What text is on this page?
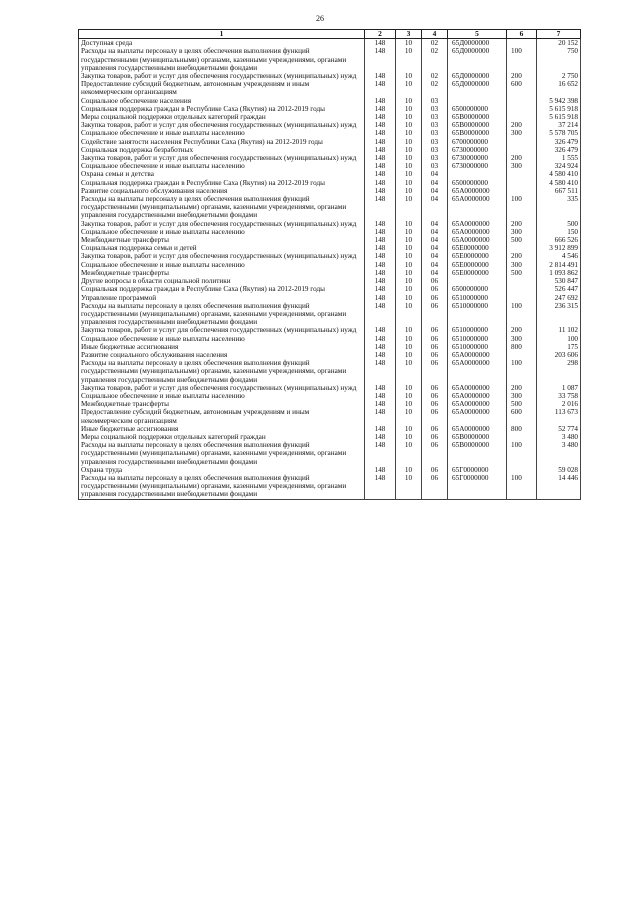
26
1	2	3	4	5	6	7
Доступная среда	148	10	02	65Д0000000		20 152
Расходы на выплаты персоналу в целях обеспечения выполнения функций государственными (муниципальными) органами, казенными учреждениями, органами управления государственными внебюджетными фондами	148	10	02	65Д0000000	100	750
Закупка товаров, работ и услуг для обеспечения государственных (муниципальных) нужд	148	10	02	65Д0000000	200	2 750
Предоставление субсидий бюджетным, автономным учреждениям и иным некоммерческим организациям	148	10	02	65Д0000000	600	16 652
Социальное обеспечение населения	148	10	03			5 942 398
Социальная поддержка граждан в Республике Саха (Якутия) на 2012-2019 годы	148	10	03	6500000000		5 615 918
Меры социальной поддержки отдельных категорий граждан	148	10	03	65В0000000		5 615 918
Закупка товаров, работ и услуг для обеспечения государственных (муниципальных) нужд	148	10	03	65В0000000	200	37 214
Социальное обеспечение и иные выплаты населению	148	10	03	65В0000000	300	5 578 705
Содействие занятости населения Республики Саха (Якутия) на 2012-2019 годы	148	10	03	6700000000		326 479
Социальная поддержка безработных	148	10	03	6730000000		326 479
Закупка товаров, работ и услуг для обеспечения государственных (муниципальных) нужд	148	10	03	6730000000	200	1 555
Социальное обеспечение и иные выплаты населению	148	10	03	6730000000	300	324 924
Охрана семьи и детства	148	10	04			4 580 410
Социальная поддержка граждан в Республике Саха (Якутия) на 2012-2019 годы	148	10	04	6500000000		4 580 410
Развитие социального обслуживания населения	148	10	04	65А0000000		667 511
Расходы на выплаты персоналу в целях обеспечения выполнения функций государственными (муниципальными) органами, казенными учреждениями, органами управления государственными внебюджетными фондами	148	10	04	65А0000000	100	335
Закупка товаров, работ и услуг для обеспечения государственных (муниципальных) нужд	148	10	04	65А0000000	200	500
Социальное обеспечение и иные выплаты населению	148	10	04	65А0000000	300	150
Межбюджетные трансферты	148	10	04	65А0000000	500	666 526
Социальная поддержка семьи и детей	148	10	04	65Е0000000		3 912 899
Закупка товаров, работ и услуг для обеспечения государственных (муниципальных) нужд	148	10	04	65Е0000000	200	4 546
Социальное обеспечение и иные выплаты населению	148	10	04	65Е0000000	300	2 814 491
Межбюджетные трансферты	148	10	04	65Е0000000	500	1 093 862
Другие вопросы в области социальной политики	148	10	06			530 847
Социальная поддержка граждан в Республике Саха (Якутия) на 2012-2019 годы	148	10	06	6500000000		526 447
Управление программой	148	10	06	6510000000		247 692
Расходы на выплаты персоналу в целях обеспечения выполнения функций государственными (муниципальными) органами, казенными учреждениями, органами управления государственными внебюджетными фондами	148	10	06	6510000000	100	236 315
Закупка товаров, работ и услуг для обеспечения государственных (муниципальных) нужд	148	10	06	6510000000	200	11 102
Социальное обеспечение и иные выплаты населению	148	10	06	6510000000	300	100
Иные бюджетные ассигнования	148	10	06	6510000000	800	175
Развитие социального обслуживания населения	148	10	06	65А0000000		203 606
Расходы на выплаты персоналу в целях обеспечения выполнения функций государственными (муниципальными) органами, казенными учреждениями, органами управления государственными внебюджетными фондами	148	10	06	65А0000000	100	298
Закупка товаров, работ и услуг для обеспечения государственных (муниципальных) нужд	148	10	06	65А0000000	200	1 087
Социальное обеспечение и иные выплаты населению	148	10	06	65А0000000	300	33 758
Межбюджетные трансферты	148	10	06	65А0000000	500	2 016
Предоставление субсидий бюджетным, автономным учреждениям и иным некоммерческим организациям	148	10	06	65А0000000	600	113 673
Иные бюджетные ассигнования	148	10	06	65А0000000	800	52 774
Меры социальной поддержки отдельных категорий граждан	148	10	06	65В0000000		3 480
Расходы на выплаты персоналу в целях обеспечения выполнения функций государственными (муниципальными) органами, казенными учреждениями, органами управления государственными внебюджетными фондами	148	10	06	65В0000000	100	3 480
Охрана труда	148	10	06	65Г0000000		59 028
Расходы на выплаты персоналу в целях обеспечения выполнения функций государственными (муниципальными) органами, казенными учреждениями, органами управления государственными внебюджетными фондами	148	10	06	65Г0000000	100	14 446
